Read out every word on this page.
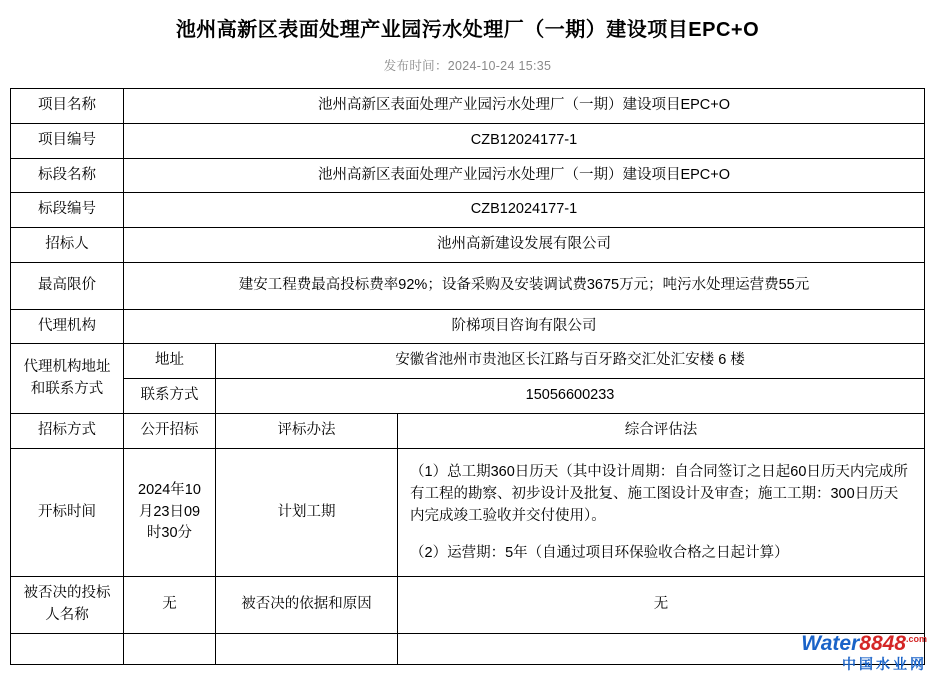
池州高新区表面处理产业园污水处理厂（一期）建设项目EPC+O
发布时间：2024-10-24 15:35
项目名称	池州高新区表面处理产业园污水处理厂（一期）建设项目EPC+O		
项目编号	CZB12024177-1		
标段名称	池州高新区表面处理产业园污水处理厂（一期）建设项目EPC+O		
标段编号	CZB12024177-1		
招标人	池州高新建设发展有限公司		
最高限价	建安工程费最高投标费率92%；设备采购及安装调试费3675万元；吨污水处理运营费55元		
代理机构	阶梯项目咨询有限公司		
代理机构地址和联系方式	地址	安徽省池州市贵池区长江路与百牙路交汇处汇安楼 6 楼	
	联系方式	15056600233	
招标方式	公开招标	评标办法	综合评估法
开标时间	2024年10月23日09时30分	计划工期	（1）总工期360日历天（其中设计周期：自合同签订之日起60日历天内完成所有工程的勘察、初步设计及批复、施工图设计及审查；施工工期：300日历天内完成竣工验收并交付使用）。

（2）运营期：5年（自通过项目环保验收合格之日起计算）

被否决的投标人名称	无	被否决的依据和原因	无

$Water8848^{.com}$
中国水业网
